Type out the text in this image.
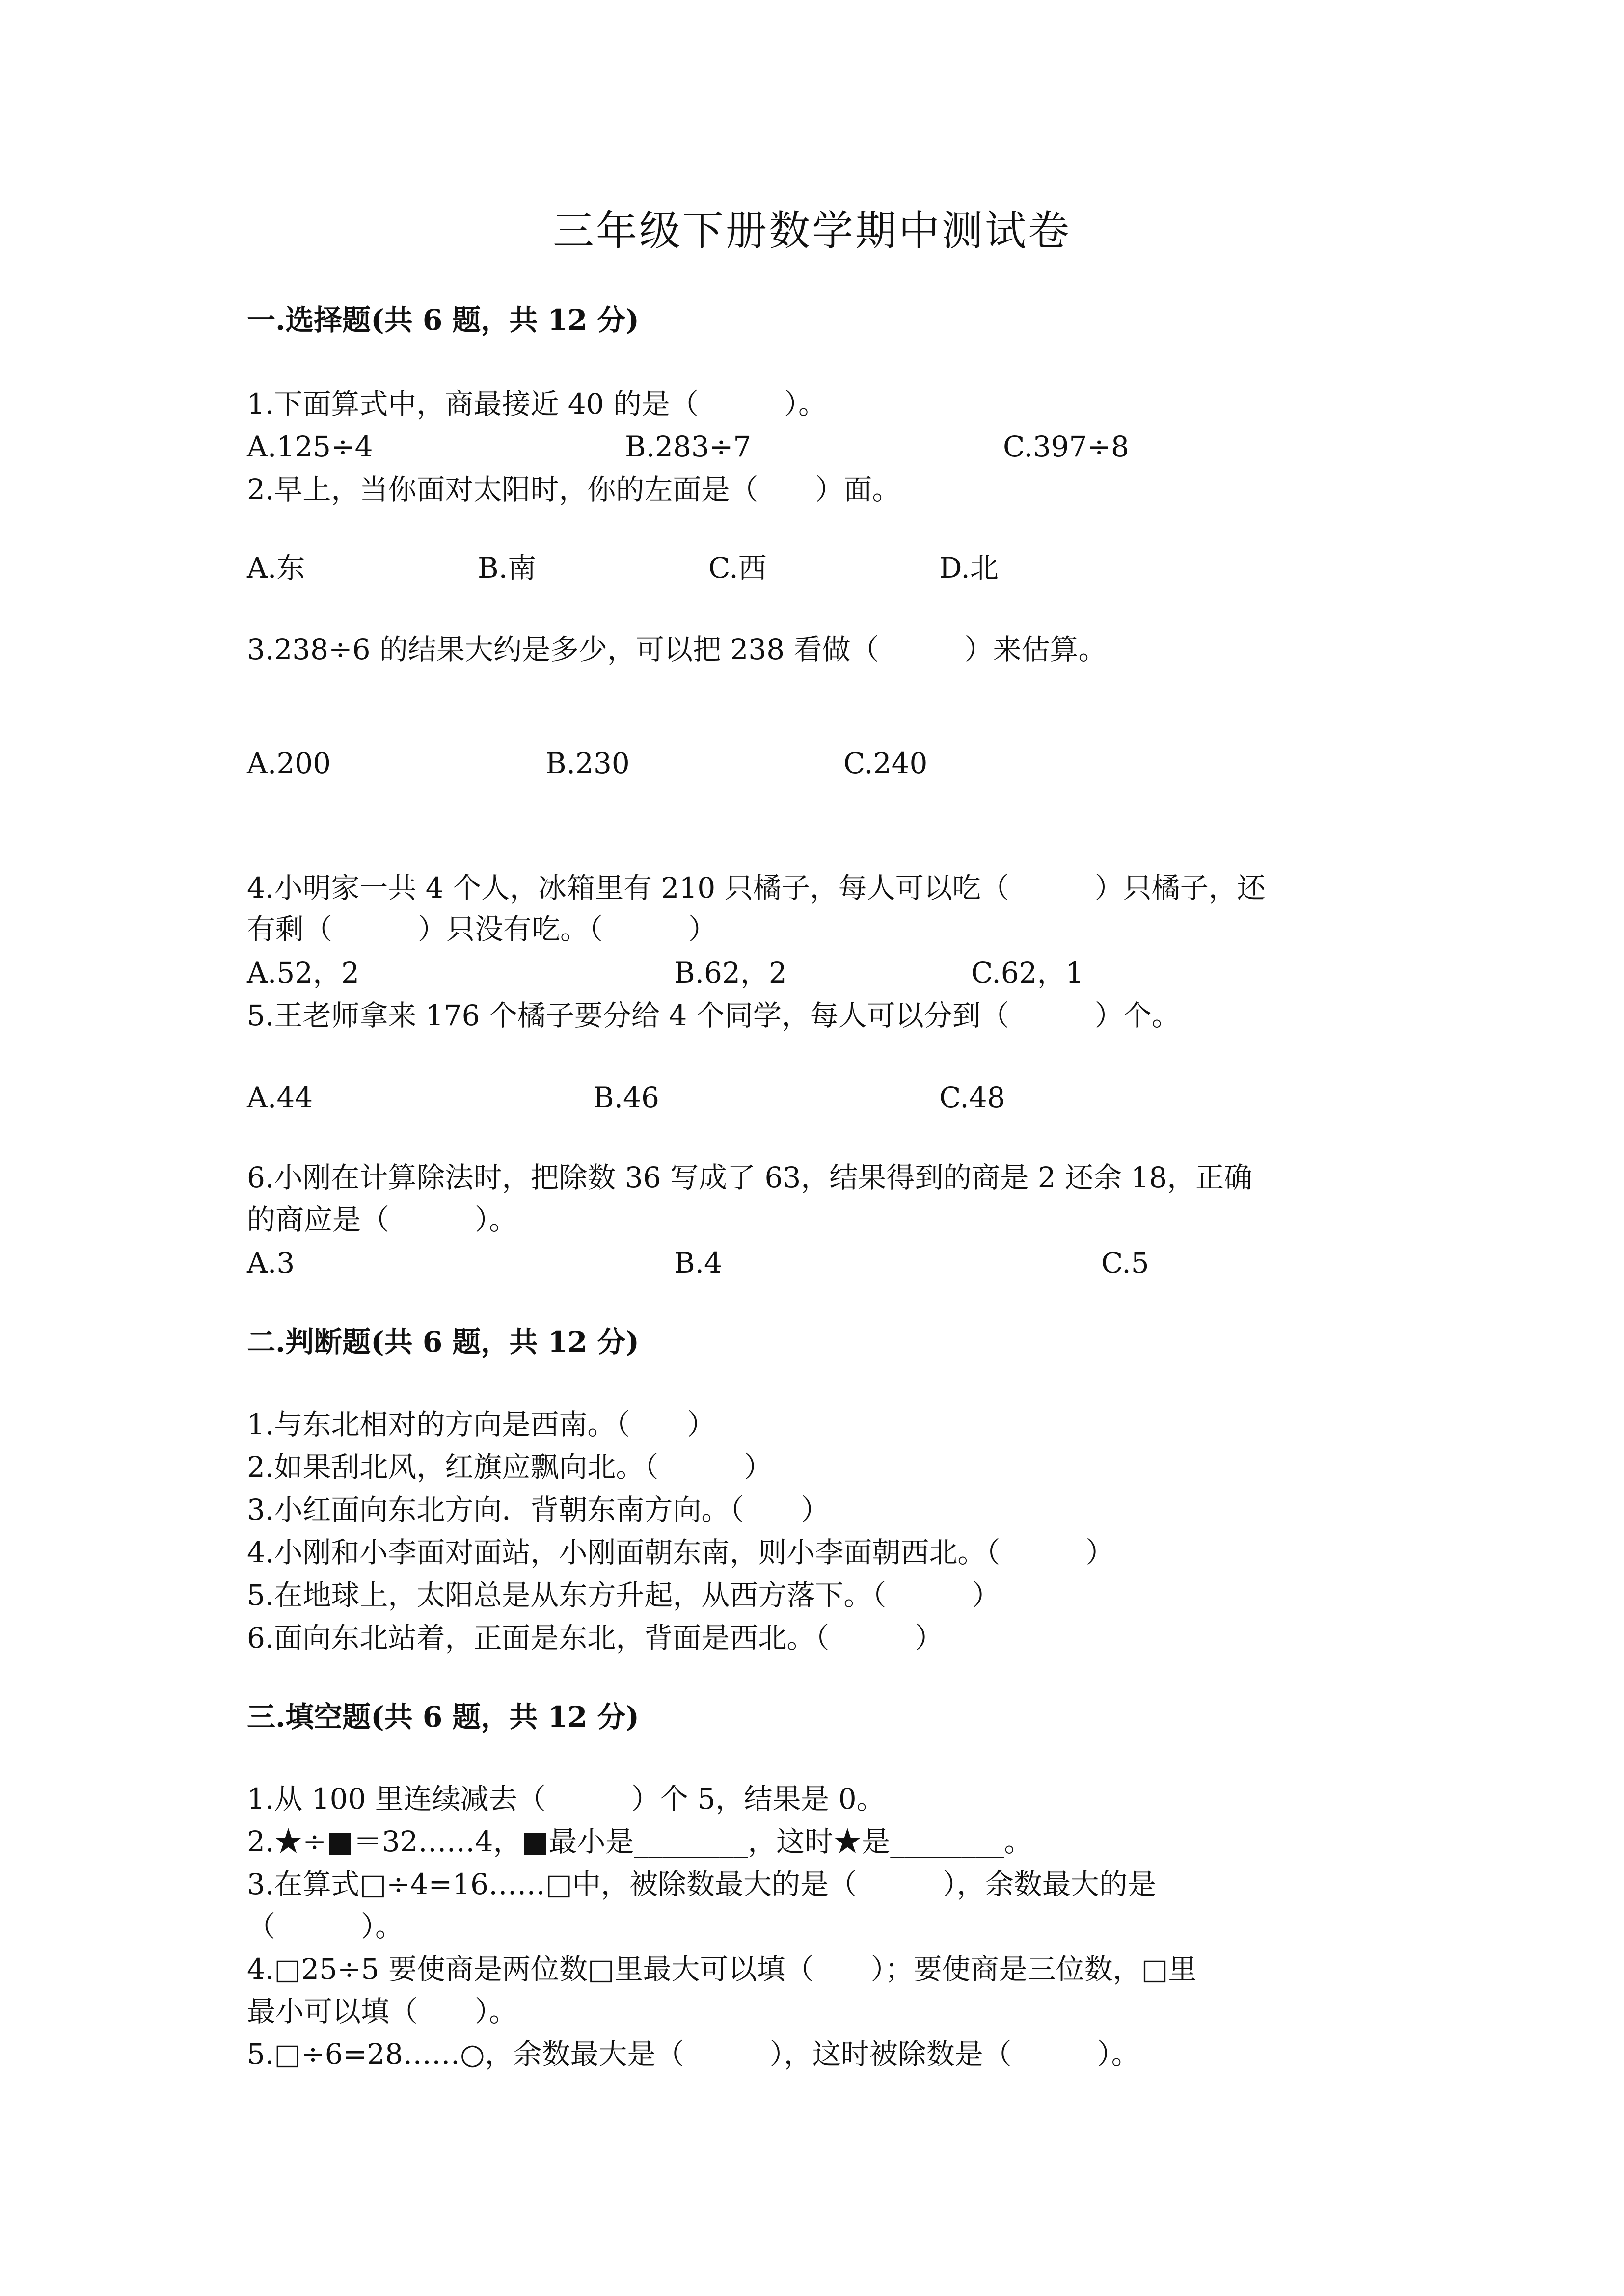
三年级下册数学期中测试卷
一.选择题(共 6 题，共 12 分)
1.下面算式中，商最接近 40 的是（　　　）。
A.125÷4	B.283÷7	C.397÷8
2.早上，当你面对太阳时，你的左面是（　　）面。
A.东	B.南	C.西	D.北
3.238÷6 的结果大约是多少，可以把 238 看做（　　　）来估算。
A.200	B.230	C.240
4.小明家一共 4 个人，冰箱里有 210 只橘子，每人可以吃（　　　）只橘子，还
有剩（　　　）只没有吃。（　　　）
A.52，2	B.62，2	C.62，1
5.王老师拿来 176 个橘子要分给 4 个同学，每人可以分到（　　　）个。
A.44	B.46	C.48
6.小刚在计算除法时，把除数 36 写成了 63，结果得到的商是 2 还余 18，正确
的商应是（　　　）。
A.3	B.4	C.5
二.判断题(共 6 题，共 12 分)
1.与东北相对的方向是西南。（　　）
2.如果刮北风，红旗应飘向北。（　　　）
3.小红面向东北方向．背朝东南方向。（　　）
4.小刚和小李面对面站，小刚面朝东南，则小李面朝西北。（　　　）
5.在地球上，太阳总是从东方升起，从西方落下。（　　　）
6.面向东北站着，正面是东北，背面是西北。（　　　）
三.填空题(共 6 题，共 12 分)
1.从 100 里连续减去（　　　）个 5，结果是 0。
2.★÷■＝32……4，■最小是________，这时★是________。
3.在算式□÷4=16……□中，被除数最大的是（　　　），余数最大的是
（　　　）。
4.□25÷5 要使商是两位数□里最大可以填（　　）；要使商是三位数，□里
最小可以填（　　）。
5.□÷6=28……○，余数最大是（　　　），这时被除数是（　　　）。
